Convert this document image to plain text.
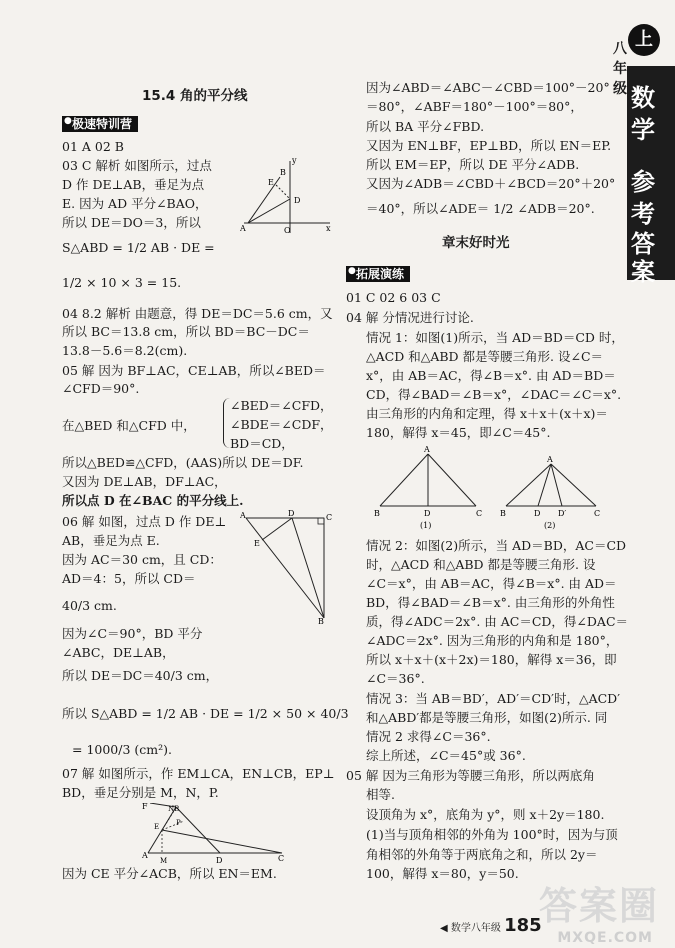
八年级
上
数
学
参
考
答
案
15.4 角的平分线
● 极速特训营
01 A 02 B
03 C 解析 如图所示，过点
D 作 DE⊥AB，垂足为点
E. 因为 AD 平分∠BAO，
所以 DE＝DO＝3，所以
S△ABD = 1/2 AB · DE =
1/2 × 10 × 3 = 15.
A
B
D
E
O	x
y
04 8.2 解析 由题意，得 DE＝DC＝5.6 cm，又
所以 BC＝13.8 cm，所以 BD＝BC－DC＝
13.8－5.6＝8.2(cm).
05 解 因为 BF⊥AC，CE⊥AB，所以∠BED＝
∠CFD＝90°.
在△BED 和△CFD 中，
∠BED＝∠CFD，
∠BDE＝∠CDF，
BD＝CD，
所以△BED≌△CFD，(AAS)所以 DE＝DF.
又因为 DE⊥AB，DF⊥AC，
所以点 D 在∠BAC 的平分线上.
06 解 如图，过点 D 作 DE⊥
AB，垂足为点 E.
因为 AC＝30 cm，且 CD：
AD＝4：5，所以 CD＝
40/3 cm.
因为∠C＝90°，BD 平分
∠ABC，DE⊥AB，
所以 DE＝DC＝40/3 cm，
所以 S△ABD = 1/2 AB · DE = 1/2 × 50 × 40/3
= 1000/3 (cm²).
A	D	C
E
B
07 解 如图所示，作 EM⊥CA，EN⊥CB，EP⊥
BD，垂足分别是 M，N，P.
F	NB
P
E
A
M	D	C
因为 CE 平分∠ACB，所以 EN＝EM.
因为∠ABD＝∠ABC－∠CBD＝100°－20°
＝80°，∠ABF＝180°－100°＝80°，
所以 BA 平分∠FBD.
又因为 EN⊥BF，EP⊥BD，所以 EN＝EP.
所以 EM＝EP，所以 DE 平分∠ADB.
又因为∠ADB＝∠CBD＋∠BCD＝20°＋20°
＝40°，所以∠ADE＝ 1/2 ∠ADB＝20°.
章末好时光
● 拓展演练
01 C 02 6 03 C
04 解 分情况进行讨论.
情况 1：如图(1)所示，当 AD＝BD＝CD 时，
△ACD 和△ABD 都是等腰三角形. 设∠C＝
x°，由 AB＝AC，得∠B＝x°. 由 AD＝BD＝
CD，得∠BAD＝∠B＝x°，∠DAC＝∠C＝x°.
由三角形的内角和定理，得 x＋x＋(x＋x)＝
180，解得 x＝45，即∠C＝45°.
A
B	D	C
(1)
A
B	D D′	C
(2)
情况 2：如图(2)所示，当 AD＝BD，AC＝CD
时，△ACD 和△ABD 都是等腰三角形. 设
∠C＝x°，由 AB＝AC，得∠B＝x°. 由 AD＝
BD，得∠BAD＝∠B＝x°. 由三角形的外角性
质，得∠ADC＝2x°. 由 AC＝CD，得∠DAC＝
∠ADC＝2x°. 因为三角形的内角和是 180°，
所以 x＋x＋(x＋2x)＝180，解得 x＝36，即
∠C＝36°.
情况 3：当 AB＝BD′，AD′＝CD′时，△ACD′
和△ABD′都是等腰三角形，如图(2)所示. 同
情况 2 求得∠C＝36°.
综上所述，∠C＝45°或 36°.
05 解 因为三角形为等腰三角形，所以两底角
相等.
设顶角为 x°，底角为 y°，则 x＋2y＝180.
(1)当与顶角相邻的外角为 100°时，因为与顶
角相邻的外角等于两底角之和，所以 2y＝
100，解得 x＝80，y＝50.
◀ 数学八年级 185
答案圈
MXQE.COM
